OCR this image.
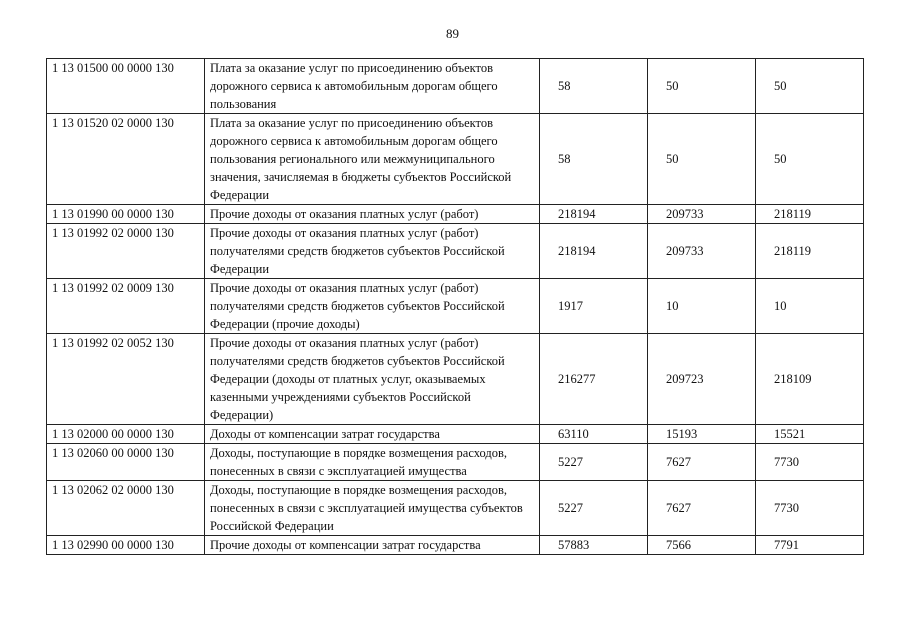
89
1 13 01500 00 0000 130	Плата за оказание услуг по присоединению объектов дорожного сервиса к автомобильным дорогам общего пользования	58	50	50
1 13 01520 02 0000 130	Плата за оказание услуг по присоединению объектов дорожного сервиса к автомобильным дорогам общего пользования регионального или межмуниципального значения, зачисляемая в бюджеты субъектов Российской Федерации	58	50	50
1 13 01990 00 0000 130	Прочие доходы от оказания платных услуг (работ)	218194	209733	218119
1 13 01992 02 0000 130	Прочие доходы от оказания платных услуг (работ) получателями средств бюджетов субъектов Российской Федерации	218194	209733	218119
1 13 01992 02 0009 130	Прочие доходы от оказания платных услуг (работ) получателями средств бюджетов субъектов Российской Федерации (прочие доходы)	1917	10	10
1 13 01992 02 0052 130	Прочие доходы от оказания платных услуг (работ) получателями средств бюджетов субъектов Российской Федерации (доходы от платных услуг, оказываемых казенными учреждениями субъектов Российской Федерации)	216277	209723	218109
1 13 02000 00 0000 130	Доходы от компенсации затрат государства	63110	15193	15521
1 13 02060 00 0000 130	Доходы, поступающие в порядке возмещения расходов, понесенных в связи с эксплуатацией имущества	5227	7627	7730
1 13 02062 02 0000 130	Доходы, поступающие в порядке возмещения расходов, понесенных в связи с эксплуатацией имущества субъектов Российской Федерации	5227	7627	7730
1 13 02990 00 0000 130	Прочие доходы от компенсации затрат государства	57883	7566	7791
